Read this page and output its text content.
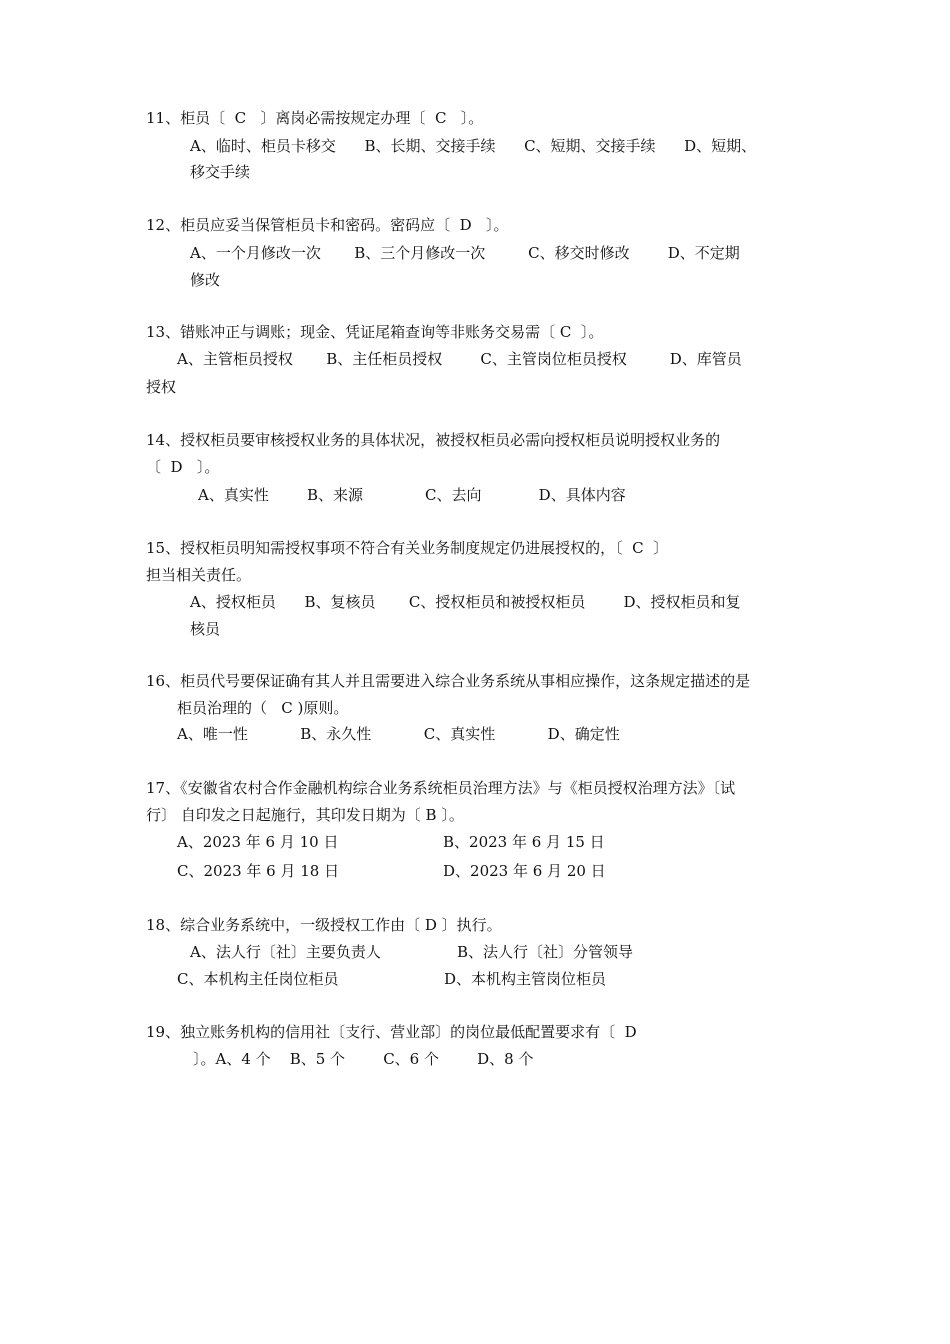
11、柜员〔  C   〕离岗必需按规定办理〔  C   〕。
A、临时、柜员卡移交      B、长期、交接手续      C、短期、交接手续      D、短期、
移交手续
12、柜员应妥当保管柜员卡和密码。密码应〔  D   〕。
A、一个月修改一次       B、三个月修改一次         C、移交时修改        D、不定期
修改
13、错账冲正与调账；现金、凭证尾箱查询等非账务交易需〔 C  〕。
A、主管柜员授权       B、主任柜员授权        C、主管岗位柜员授权         D、库管员
授权
14、授权柜员要审核授权业务的具体状况，被授权柜员必需向授权柜员说明授权业务的
〔  D   〕。
A、真实性        B、来源             C、去向            D、具体内容
15、授权柜员明知需授权事项不符合有关业务制度规定仍进展授权的，〔  C  〕
担当相关责任。
A、授权柜员      B、复核员       C、授权柜员和被授权柜员        D、授权柜员和复
核员
16、柜员代号要保证确有其人并且需要进入综合业务系统从事相应操作，这条规定描述的是
柜员治理的（   C )原则。
A、唯一性           B、永久性           C、真实性           D、确定性
17、《安徽省农村合作金融机构综合业务系统柜员治理方法》与《柜员授权治理方法》〔试
行〕 自印发之日起施行，其印发日期为〔 B 〕。
A、2023 年 6 月 10 日	B、2023 年 6 月 15 日
C、2023 年 6 月 18 日	D、2023 年 6 月 20 日
18、综合业务系统中，一级授权工作由〔 D 〕执行。
A、法人行〔社〕主要负责人	B、法人行〔社〕分管领导
C、本机构主任岗位柜员	D、本机构主管岗位柜员
19、独立账务机构的信用社〔支行、营业部〕的岗位最低配置要求有〔  D
〕。A、4 个    B、5 个        C、6 个        D、8 个
